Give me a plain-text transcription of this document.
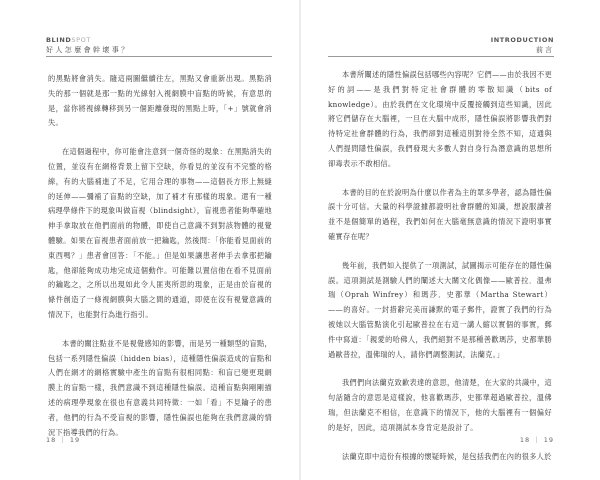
BLINDSPOT
好人怎麼會幹壞事？

的黑點將會消失。隨這兩圖繼續往左，黑點又會重新出現。黑點消失的那一個就是那一點的光線射入視網膜中盲點的時候，有意思的是，當你將視線轉移到另一個距離發現的黑點上時，「+」號就會消失。

在這個過程中，你可能會注意到一個奇怪的現象：在黑點消失的位置，並沒有在網格背景上留下空缺，你看見的並沒有不完整的格線，有的大腦補進了不足，它用合理的事物——這個長方形上無縫的延伸——彌補了盲點的空缺，加了補才有那樣的現象。還有一種病理學條件下的現象叫做盲視（blindsight），盲視患者能夠準確地伸手拿取放在他們面前的物體，即使自己意識不到對該物體的視覺體驗。如果在盲視患者面前放一把鑰匙，然後問：「你能看見面前的東西嗎？」患者會回答：「不能。」但是如果讓患者伸手去拿那把鑰匙，他卻能夠成功地完成這個動作。可能難以置信他在看不見面前的鑰匙之，之所以出現如此令人匪夷所思的現象，正是由於盲視的條件創造了一條視網膜與大腦之間的通道，即使在沒有視覺意識的情況下，也能對行為進行指引。

本書的關注點並不是視覺感知的影響，而是另一種類型的盲點，包括一系列隱性偏誤（hidden bias），這種隱性偏誤造成的盲點和人們在網才的網格實驗中產生的盲點有很相同點：和盲已變更現網膜上的盲點一樣，我們意識不到這種隱性偏誤。這種盲點與剛剛描述的病理學現象在很也有意義共同特徵：一如「看」不見鑰子的患者，他們的行為不受盲視的影響，隱性偏誤也能夠在我們意識的情況下指導我們的行為。

18 ｜ 19
INTRODUCTION
前言

本書所闡述的隱性偏誤包括哪些內容呢？它們——由於我因不更好的詞——是我們對特定社會群體的零散知識（bits of knowledge）。由於我們在文化環境中反覆接觸到這些知識，因此將它們儲存在大腦裡，一旦在大腦中成形，隱性偏誤將影響我們對待特定社會群體的行為，我們卻對這種這別對待全然不知，這通與人們提問隱性偏誤，我們發現大多數人對自身行為潛意識的思想所卻毒表示不敢相信。

本書的目的在於說明為什麼以作者為主的眾多學者，認為隱性偏誤十分可信。大量的科學證據都證明社會群體的知識，想說服讀者並不是個簡單的過程，我們如何在大腦毫無意識的情況下證明事實確實存在呢？

幾年前，我們如入提供了一項測試，試圖揭示可能存在的隱性偏誤。這項測試是測驗人們的闡述大大關文化偶像——歐普拉．溫弗瑞（Oprah Winfrey）和瑪莎．史都華（Martha Stewart）——的喜好。一封措辭完美而謙默的電子郵件，證實了我們的行為被她以大腦管點演化引起歐普拉在右這一講人縮以實個的事實，郵件中寫道：「親愛的哈佛人，我們絕對不是那種善歡瑪莎，史都華勝過歐普拉，溫佛瑞的人，請你們調整測試，法蘭克。」

我們們向法蘭克致歉表達的意思，他清楚，在大家的共識中，這句話隨含的意思是這樣說，他喜歡瑪莎，史都華超過歐普拉，溫佛瑞，但法蘭克不相信，在意識下的情況下，他的大腦裡有一個偏好的是好，因此，這項測試本身肯定是設計了。

法蘭克即中這份有根據的懷疑時候，是包括我們在內的很多人於

18 ｜ 19
